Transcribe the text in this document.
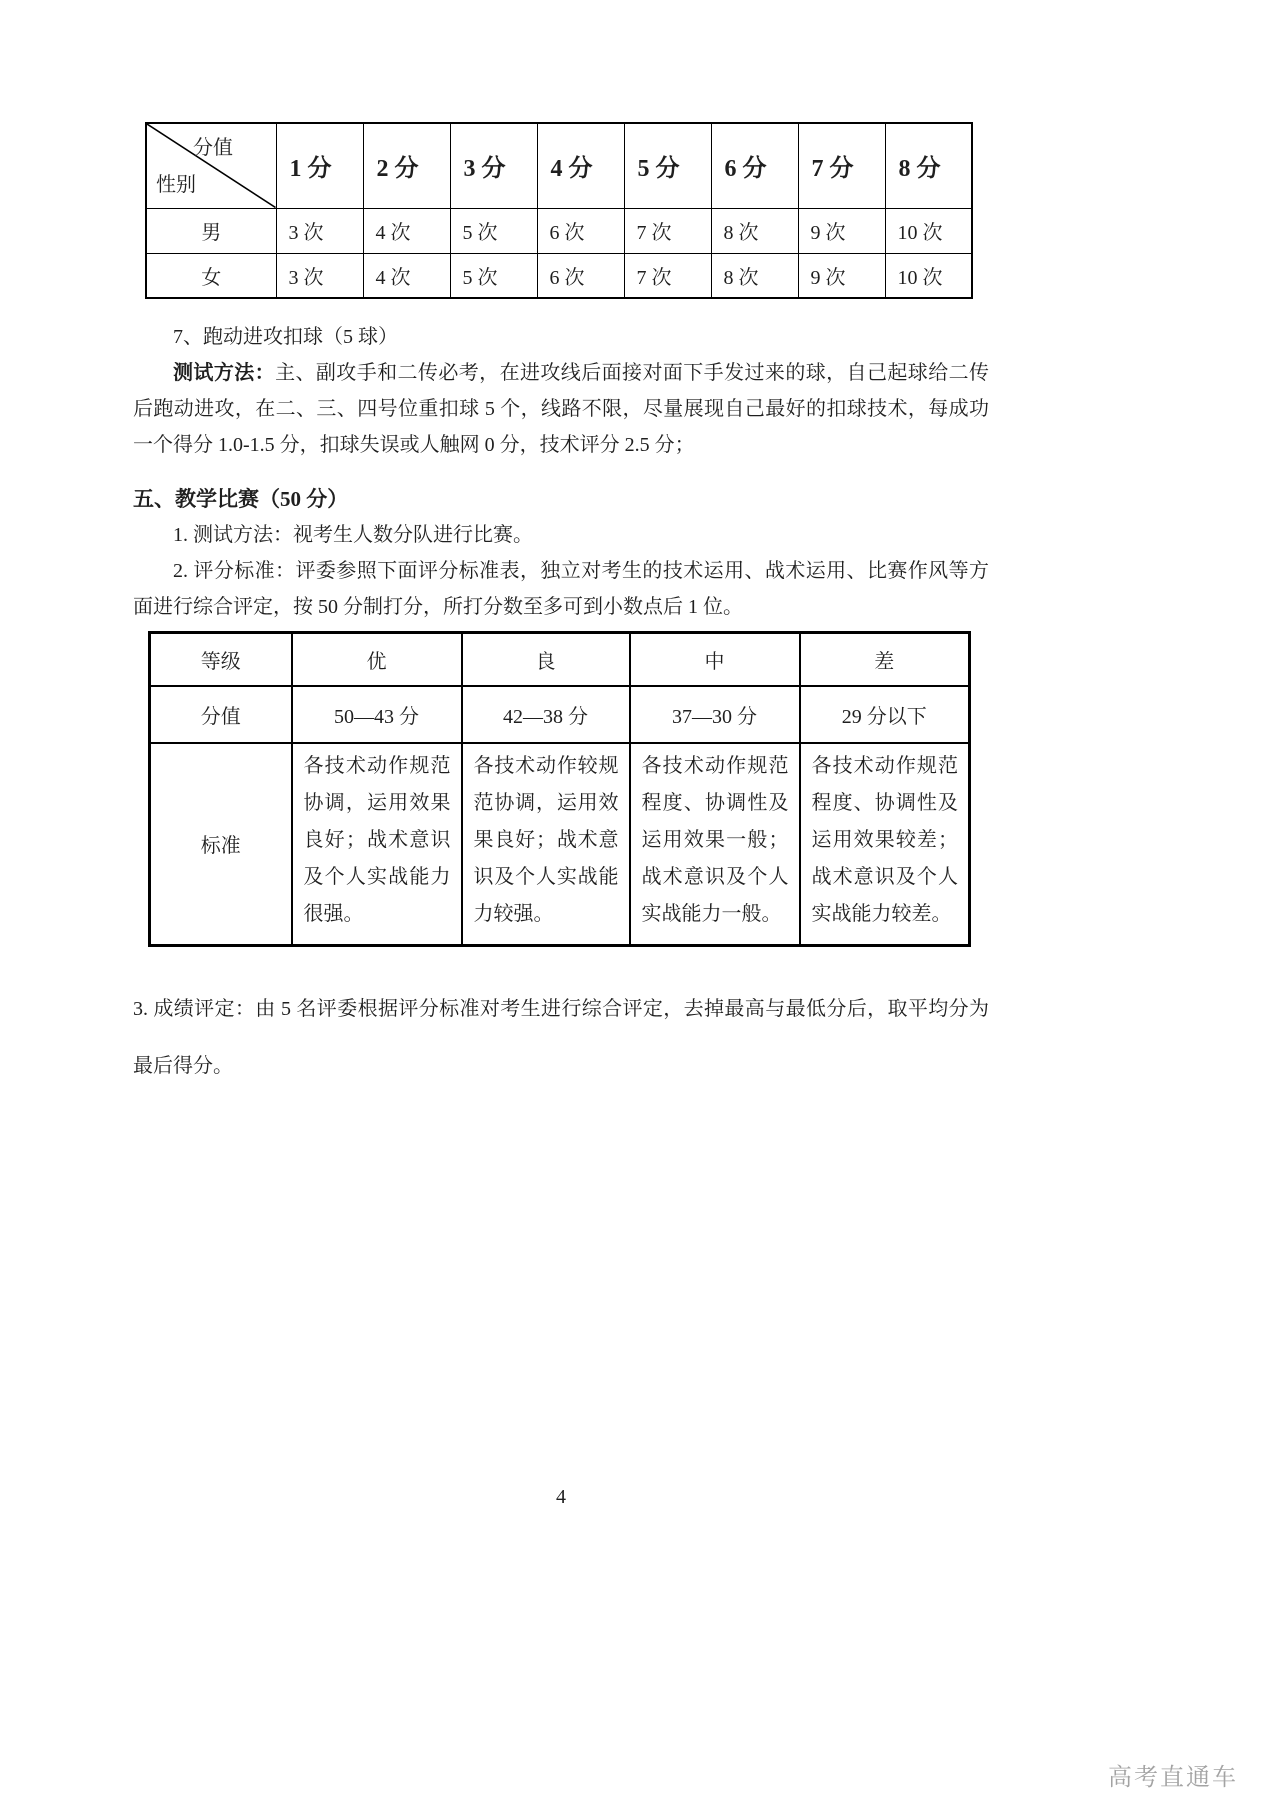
分值
性别	1 分	2 分	3 分	4 分	5 分	6 分	7 分	8 分
男	3 次	4 次	5 次	6 次	7 次	8 次	9 次	10 次
女	3 次	4 次	5 次	6 次	7 次	8 次	9 次	10 次

7、跑动进攻扣球（5 球）

测试方法：主、副攻手和二传必考，在进攻线后面接对面下手发过来的球，自己起球给二传后跑动进攻，在二、三、四号位重扣球 5 个，线路不限，尽量展现自己最好的扣球技术，每成功一个得分 1.0-1.5 分，扣球失误或人触网 0 分，技术评分 2.5 分；

五、教学比赛（50 分）

1. 测试方法：视考生人数分队进行比赛。

2. 评分标准：评委参照下面评分标准表，独立对考生的技术运用、战术运用、比赛作风等方面进行综合评定，按 50 分制打分，所打分数至多可到小数点后 1 位。

等级	优	良	中	差
分值	50—43 分	42—38 分	37—30 分	29 分以下
标准	各技术动作规范协调，运用效果良好；战术意识及个人实战能力很强。	各技术动作较规范协调，运用效果良好；战术意识及个人实战能力较强。	各技术动作规范程度、协调性及运用效果一般；战术意识及个人实战能力一般。	各技术动作规范程度、协调性及运用效果较差；战术意识及个人实战能力较差。

3. 成绩评定：由 5 名评委根据评分标准对考生进行综合评定，去掉最高与最低分后，取平均分为最后得分。

4
高考直通车
